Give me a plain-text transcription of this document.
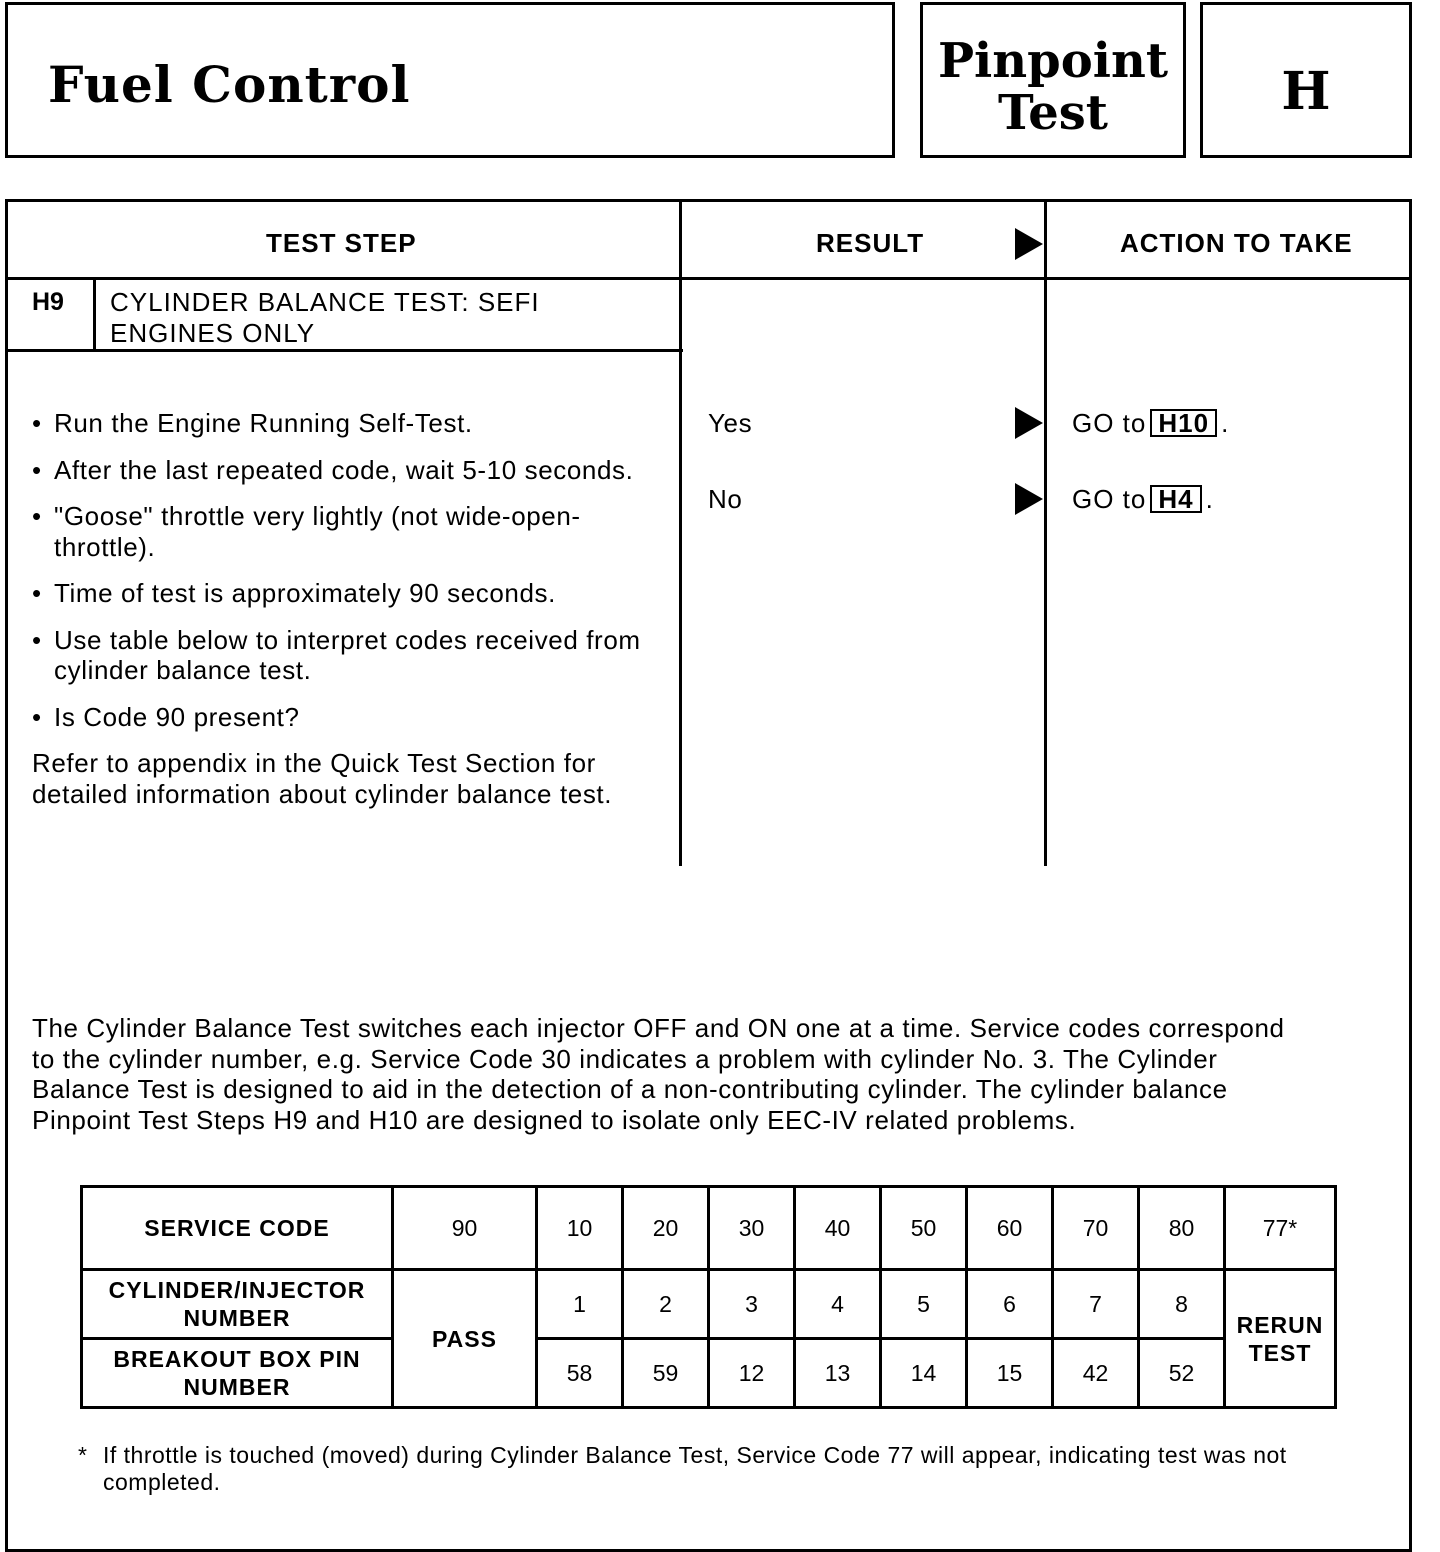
Fuel Control	Pinpoint
Test	H
TEST STEP	RESULT	ACTION TO TAKE
H9 CYLINDER BALANCE TEST: SEFI ENGINES ONLY
• Run the Engine Running Self-Test.
• After the last repeated code, wait 5-10 seconds.
• "Goose" throttle very lightly (not wide-open-throttle).
• Time of test is approximately 90 seconds.
• Use table below to interpret codes received from cylinder balance test.
• Is Code 90 present?
Refer to appendix in the Quick Test Section for detailed information about cylinder balance test.
Yes	GO to H10 .
No	GO to H4 .
The Cylinder Balance Test switches each injector OFF and ON one at a time. Service codes correspond to the cylinder number, e.g. Service Code 30 indicates a problem with cylinder No. 3. The Cylinder Balance Test is designed to aid in the detection of a non-contributing cylinder. The cylinder balance Pinpoint Test Steps H9 and H10 are designed to isolate only EEC-IV related problems.
SERVICE CODE	90	10	20	30	40	50	60	70	80	77*
CYLINDER/INJECTOR NUMBER	PASS	1	2	3	4	5	6	7	8	RERUN TEST
BREAKOUT BOX PIN NUMBER		58	59	12	13	14	15	42	52	
* If throttle is touched (moved) during Cylinder Balance Test, Service Code 77 will appear, indicating test was not completed.
